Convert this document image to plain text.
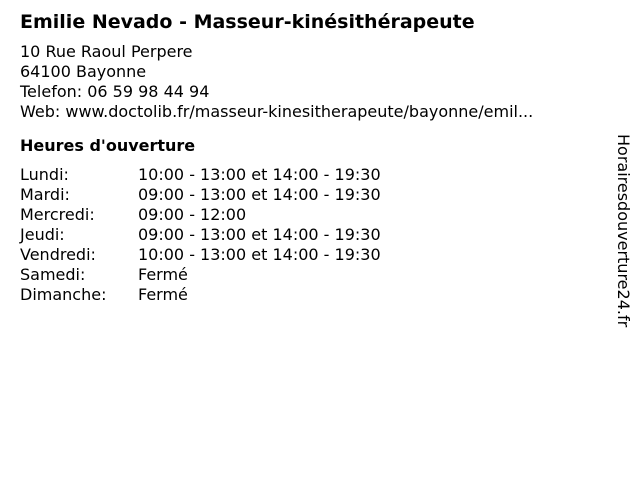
Emilie Nevado - Masseur-kinésithérapeute
10 Rue Raoul Perpere
64100 Bayonne
Telefon: 06 59 98 44 94
Web: www.doctolib.fr/masseur-kinesitherapeute/bayonne/emil...
Heures d'ouverture
Lundi:	10:00 - 13:00 et 14:00 - 19:30
Mardi:	09:00 - 13:00 et 14:00 - 19:30
Mercredi:	09:00 - 12:00
Jeudi:	09:00 - 13:00 et 14:00 - 19:30
Vendredi:	10:00 - 13:00 et 14:00 - 19:30
Samedi:	Fermé
Dimanche:	Fermé	Horairesdouverture24.fr
